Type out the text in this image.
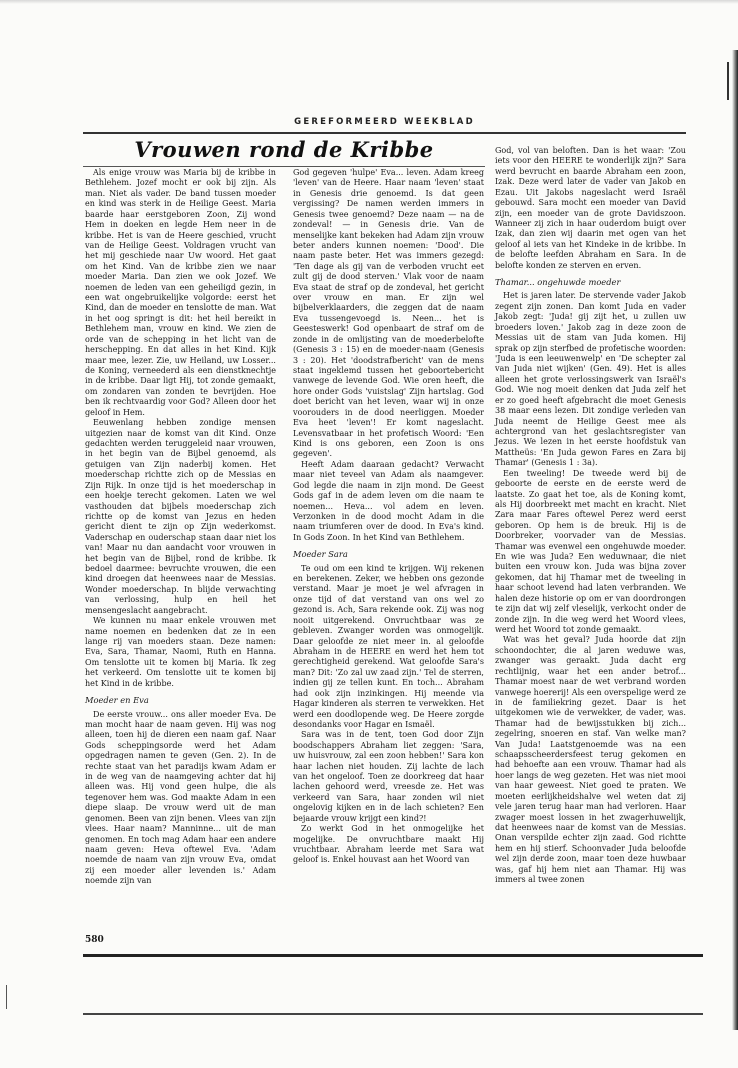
GEREFORMEERD WEEKBLAD
Vrouwen rond de Kribbe

Als enige vrouw was Maria bij de kribbe in Bethlehem. Jozef mocht er ook bij zijn. Als man. Niet als vader. De band tussen moeder en kind was sterk in de Heilige Geest. Maria baarde haar eerstgeboren Zoon, Zij wond Hem in doeken en legde Hem neer in de kribbe. Het is van de Heere geschied, vrucht van de Heilige Geest. Voldragen vrucht van het mij geschiede naar Uw woord. Het gaat om het Kind. Van de kribbe zien we naar moeder Maria. Dan zien we ook Jozef. We noemen de leden van een geheiligd gezin, in een wat ongebruikelijke volgorde: eerst het Kind, dan de moeder en tenslotte de man. Wat in het oog springt is dit: het heil bereikt in Bethlehem man, vrouw en kind. We zien de orde van de schepping in het licht van de herschepping. En dat alles in het Kind. Kijk maar mee, lezer. Zie, uw Heiland, uw Losser... de Koning, verneederd als een dienstknechtje in de kribbe. Daar ligt Hij, tot zonde gemaakt, om zondaren van zonden te bevrijden. Hoe ben ik rechtvaardig voor God? Alleen door het geloof in Hem.

Eeuwenlang hebben zondige mensen uitgezien naar de komst van dit Kind. Onze gedachten werden teruggeleid naar vrouwen, in het begin van de Bijbel genoemd, als getuigen van Zijn naderbij komen. Het moederschap richtte zich op de Messias en Zijn Rijk. In onze tijd is het moederschap in een hoekje terecht gekomen. Laten we wel vasthouden dat bijbels moederschap zich richtte op de komst van Jezus en heden gericht dient te zijn op Zijn wederkomst. Vaderschap en ouderschap staan daar niet los van! Maar nu dan aandacht voor vrouwen in het begin van de Bijbel, rond de kribbe. Ik bedoel daarmee: bevruchte vrouwen, die een kind droegen dat heenwees naar de Messias. Wonder moederschap. In blijde verwachting van verlossing, hulp en heil het mensengeslacht aangebracht.

We kunnen nu maar enkele vrouwen met name noemen en bedenken dat ze in een lange rij van moeders staan. Deze namen: Eva, Sara, Thamar, Naomi, Ruth en Hanna. Om tenslotte uit te komen bij Maria. Ik zeg het verkeerd. Om tenslotte uit te komen bij het Kind in de kribbe.

Moeder en Eva

De eerste vrouw... ons aller moeder Eva. De man mocht haar de naam geven. Hij was nog alleen, toen hij de dieren een naam gaf. Naar Gods scheppingsorde werd het Adam opgedragen namen te geven (Gen. 2). In de rechte staat van het paradijs kwam Adam er in de weg van de naamgeving achter dat hij alleen was. Hij vond geen hulpe, die als tegenover hem was. God maakte Adam in een diepe slaap. De vrouw werd uit de man genomen. Been van zijn benen. Vlees van zijn vlees. Haar naam? Manninne... uit de man genomen. En toch mag Adam haar een andere naam geven: Heva oftewel Eva. 'Adam noemde de naam van zijn vrouw Eva, omdat zij een moeder aller levenden is.' Adam noemde zijn van

God gegeven 'hulpe' Eva... leven. Adam kreeg 'leven' van de Heere. Haar naam 'leven' staat in Genesis drie genoemd. Is dat geen vergissing? De namen werden immers in Genesis twee genoemd? Deze naam — na de zondeval! — in Genesis drie. Van de menselijke kant bekeken had Adam zijn vrouw beter anders kunnen noemen: 'Dood'. Die naam paste beter. Het was immers gezegd: 'Ten dage als gij van de verboden vrucht eet zult gij de dood sterven.' Vlak voor de naam Eva staat de straf op de zondeval, het gericht over vrouw en man. Er zijn wel bijbelverklaarders, die zeggen dat de naam Eva tussengevoegd is. Neen... het is Geesteswerk! God openbaart de straf om de zonde in de omlijsting van de moederbelofte (Genesis 3 : 15) en de moeder-naam (Genesis 3 : 20). Het 'doodstrafbericht' van de mens staat ingeklemd tussen het geboortebericht vanwege de levende God. Wie oren heeft, die hore onder Gods 'vuistslag' Zijn hartslag. God doet bericht van het leven, waar wij in onze voorouders in de dood neerliggen. Moeder Eva heet 'leven'! Er komt nageslacht. Levensvatbaar in het profetisch Woord: 'Een Kind is ons geboren, een Zoon is ons gegeven'.

Heeft Adam daaraan gedacht? Verwacht maar niet teveel van Adam als naamgever. God legde die naam in zijn mond. De Geest Gods gaf in de adem leven om die naam te noemen... Heva... vol adem en leven. Verzonken in de dood mocht Adam in die naam triumferen over de dood. In Eva's kind. In Gods Zoon. In het Kind van Bethlehem.

Moeder Sara

Te oud om een kind te krijgen. Wij rekenen en berekenen. Zeker, we hebben ons gezonde verstand. Maar je moet je wel afvragen in onze tijd of dat verstand van ons wel zo gezond is. Ach, Sara rekende ook. Zij was nog nooit uitgerekend. Onvruchtbaar was ze gebleven. Zwanger worden was onmogelijk. Daar geloofde ze niet meer in. al geloofde Abraham in de HEERE en werd het hem tot gerechtigheid gerekend. Wat geloofde Sara's man? Dit: 'Zo zal uw zaad zijn.' Tel de sterren, indien gij ze tellen kunt. En toch... Abraham had ook zijn inzinkingen. Hij meende via Hagar kinderen als sterren te verwekken. Het werd een doodlopende weg. De Heere zorgde desondanks voor Hagar en Ismaël.

Sara was in de tent, toen God door Zijn boodschappers Abraham liet zeggen: 'Sara, uw huisvrouw, zal een zoon hebben!' Sara kon haar lachen niet houden. Zij lachte de lach van het ongeloof. Toen ze doorkreeg dat haar lachen gehoord werd, vreesde ze. Het was verkeerd van Sara, haar zonden wil niet ongelovig kijken en in de lach schieten? Een bejaarde vrouw krijgt een kind?!

Zo werkt God in het onmogelijke het mogelijke. De onvruchtbare maakt Hij vruchtbaar. Abraham leerde met Sara wat geloof is. Enkel houvast aan het Woord van

God, vol van beloften. Dan is het waar: 'Zou iets voor den HEERE te wonderlijk zijn?' Sara werd bevrucht en baarde Abraham een zoon, Izak. Deze werd later de vader van Jakob en Ezau. Uit Jakobs nageslacht werd Israël gebouwd. Sara mocht een moeder van David zijn, een moeder van de grote Davidszoon. Wanneer zij zich in haar ouderdom buigt over Izak, dan zien wij daarin met ogen van het geloof al iets van het Kindeke in de kribbe. In de belofte leefden Abraham en Sara. In de belofte konden ze sterven en erven.

Thamar... ongehuwde moeder

Het is jaren later. De stervende vader Jakob zegent zijn zonen. Dan komt Juda en vader Jakob zegt: 'Juda! gij zijt het, u zullen uw broeders loven.' Jakob zag in deze zoon de Messias uit de stam van Juda komen. Hij sprak op zijn sterfbed de profetische woorden: 'Juda is een leeuwenwelp' en 'De schepter zal van Juda niet wijken' (Gen. 49). Het is alles alleen het grote verlossingswerk van Israël's God. Wie nog moeit denken dat Juda zelf het er zo goed heeft afgebracht die moet Genesis 38 maar eens lezen. Dit zondige verleden van Juda neemt de Heilige Geest mee als achtergrond van het geslachtsregister van Jezus. We lezen in het eerste hoofdstuk van Mattheüs: 'En Juda gewon Fares en Zara bij Thamar' (Genesis 1 : 3a).

Een tweeling! De tweede werd bij de geboorte de eerste en de eerste werd de laatste. Zo gaat het toe, als de Koning komt, als Hij doorbreekt met macht en kracht. Niet Zara maar Fares oftewel Perez werd eerst geboren. Op hem is de breuk. Hij is de Doorbreker, voorvader van de Messias. Thamar was evenwel een ongehuwde moeder. En wie was Juda? Een weduwnaar, die niet buiten een vrouw kon. Juda was bijna zover gekomen, dat hij Thamar met de tweeling in haar schoot levend had laten verbranden. We halen deze historie op om er van doordrongen te zijn dat wij zelf vleselijk, verkocht onder de zonde zijn. In die weg werd het Woord vlees, werd het Woord tot zonde gemaakt.

Wat was het geval? Juda hoorde dat zijn schoondochter, die al jaren weduwe was, zwanger was geraakt. Juda dacht erg rechtlijnig, waar het een ander betrof... Thamar moest naar de wet verbrand worden vanwege hoererij! Als een overspelige werd ze in de familiekring gezet. Daar is het uitgekomen wie de verwekker, de vader, was. Thamar had de bewijsstukken bij zich... zegelring, snoeren en staf. Van welke man? Van Juda! Laatstgenoemde was na een schaapsscheerdersfeest terug gekomen en had behoefte aan een vrouw. Thamar had als hoer langs de weg gezeten. Het was niet mooi van haar geweest. Niet goed te praten. We moeten eerlijkheidshalve wel weten dat zij vele jaren terug haar man had verloren. Haar zwager moest lossen in het zwagerhuwelijk, dat heenwees naar de komst van de Messias. Onan verspilde echter zijn zaad. God richtte hem en hij stierf. Schoonvader Juda beloofde wel zijn derde zoon, maar toen deze huwbaar was, gaf hij hem niet aan Thamar. Hij was immers al twee zonen

580
